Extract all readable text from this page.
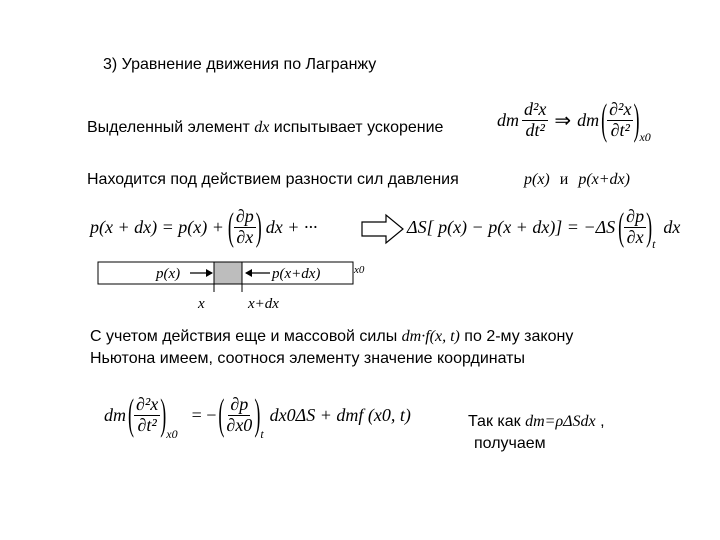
3) Уравнение движения по Лагранжу
Выделенный элемент dx испытывает ускорение	dm $\frac{\text{d²x}}{\text{dt²}}$ ⇒ dm ( $\frac{\text{∂²x}}{\text{∂t²}}$ ) x0
Находится под действием разности сил давления	p(x) и p(x+dx)
p(x + dx) = p(x) + ( $\frac{\partial p}{\partial x}$ ) dx + ···	ΔS[ p(x) − p(x + dx)] = −ΔS ( $\frac{\partial p}{\partial x}$ ) t
dx
p(x)	p(x+dx)
x	x+dx
x0
С учетом действия еще и массовой силы dm·f(x, t) по 2-му закону
Ньютона имеем, соотнося элементу значение координаты
dm ( $\frac{\text{∂²x}}{\text{∂t²}}$ ) x0
= − ( $\frac{\partial p}{\partial x0}$ ) t
dx0ΔS + dmf (x0, t)	Так как dm=ρΔSdx ,
получаем
